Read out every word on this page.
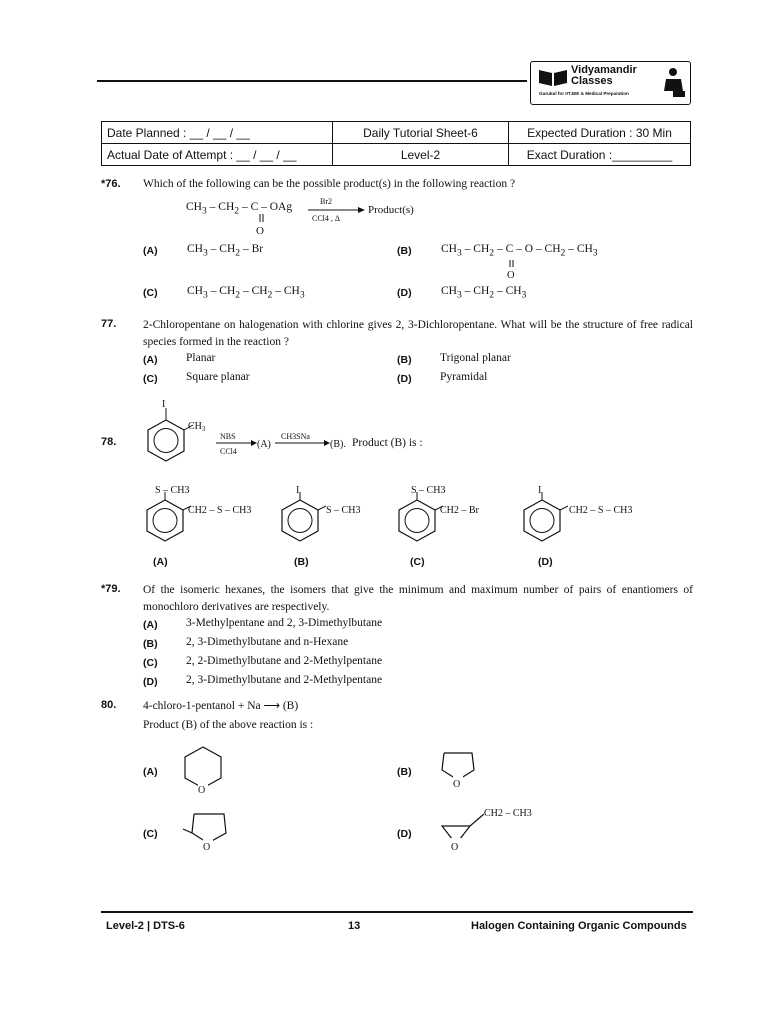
Vidyamandir
Classes
Gurukul for IITJEE & Medical Preparation
Date Planned : __ / __ / __	Daily Tutorial Sheet-6	Expected Duration : 30 Min
Actual Date of Attempt : __ / __ / __	Level-2	Exact Duration :_________
*76. Which of the following can be the possible product(s) in the following reaction ?
$CH_3 - CH_2$ – C – OAg
O
Br2
CCl4 , Δ
Product(s)
(A)	$CH_3 - CH_2$ – Br	(B)	$CH_3 - CH_2$ – C – O – $CH_2 - CH_3$
O
(C)	$CH_3 - CH_2 - CH_2 - CH_3$	(D)	$CH_3 - CH_2 - CH_3$
77. 2-Chloropentane on halogenation with chlorine gives 2, 3-Dichloropentane. What will be the structure of free radical species formed in the reaction ?
(A) Planar	(B) Trigonal planar
(C) Square planar	(D) Pyramidal
78.
I
$CH_3$
NBS
CCl4
(A)
CH3SNa
(B). Product (B) is :
S – CH3
CH2 – S – CH3
I
S – CH3
S – CH3
CH2 – Br
I
CH2 – S – CH3
(A)	(B)	(C)	(D)
*79. Of the isomeric hexanes, the isomers that give the minimum and maximum number of pairs of enantiomers of monochloro derivatives are respectively.
(A) 3-Methylpentane and 2, 3-Dimethylbutane
(B) 2, 3-Dimethylbutane and n-Hexane
(C) 2, 2-Dimethylbutane and 2-Methylpentane
(D) 2, 3-Dimethylbutane and 2-Methylpentane
80. 4-chloro-1-pentanol + Na ⟶ (B)
Product (B) of the above reaction is :
(A)
O
(B)
O
(C)
O
(D)
O
CH2 – CH3
Level-2 | DTS-6	13	Halogen Containing Organic Compounds
